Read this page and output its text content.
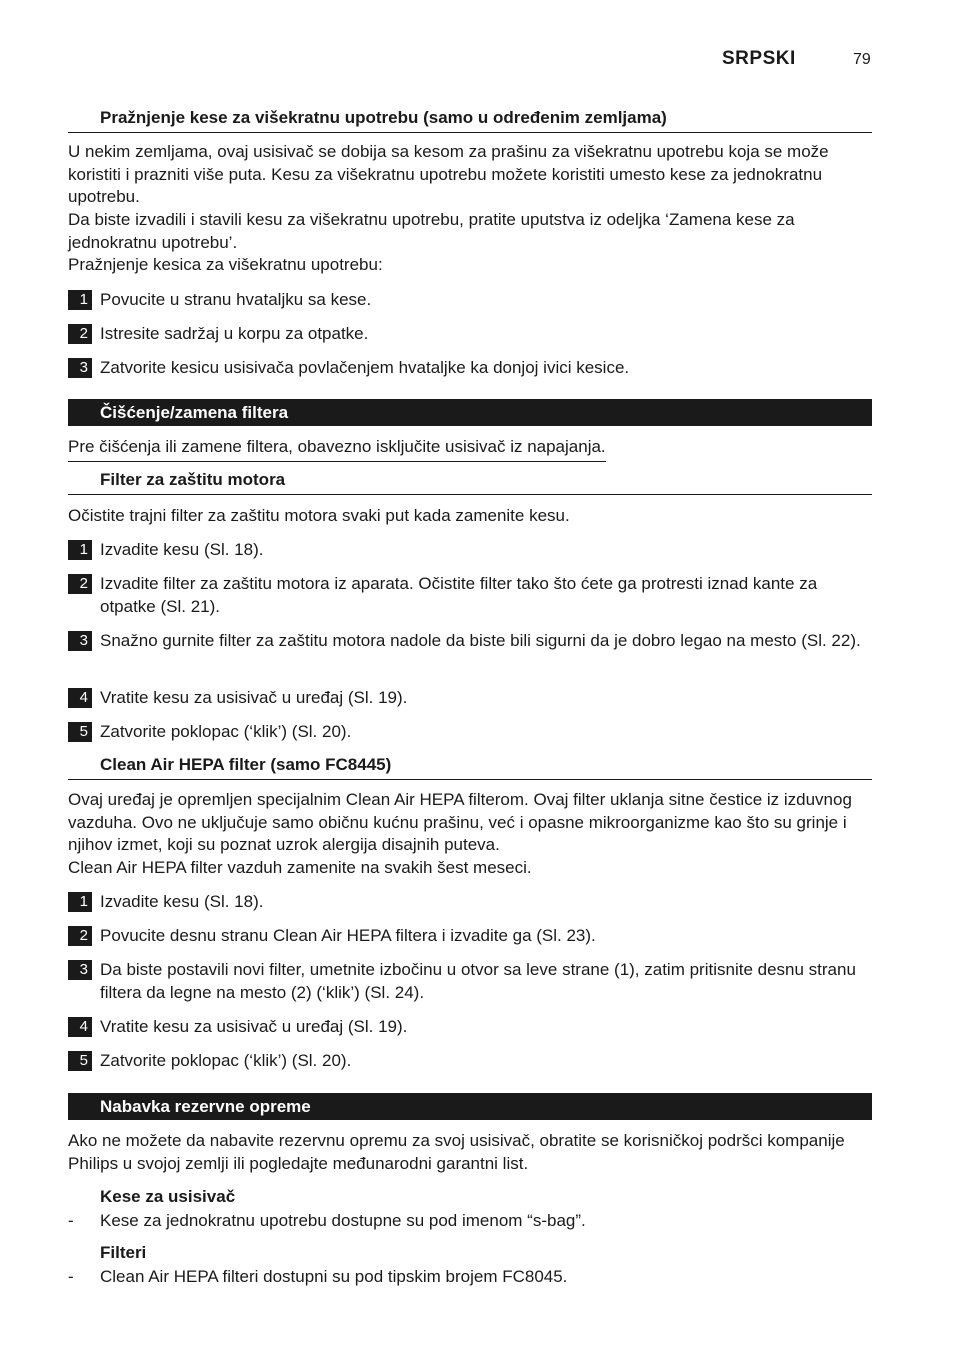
SRPSKI	79
Pražnjenje kese za višekratnu upotrebu (samo u određenim zemljama)

U nekim zemljama, ovaj usisivač se dobija sa kesom za prašinu za višekratnu upotrebu koja se može koristiti i prazniti više puta. Kesu za višekratnu upotrebu možete koristiti umesto kese za jednokratnu upotrebu.

Da biste izvadili i stavili kesu za višekratnu upotrebu, pratite uputstva iz odeljka ‘Zamena kese za jednokratnu upotrebu’.

Pražnjenje kesica za višekratnu upotrebu:

1 Povucite u stranu hvataljku sa kese.
2 Istresite sadržaj u korpu za otpatke.
3 Zatvorite kesicu usisivača povlačenjem hvataljke ka donjoj ivici kesice.
Čišćenje/zamena filtera
Pre čišćenja ili zamene filtera, obavezno isključite usisivač iz napajanja.
Filter za zaštitu motora

Očistite trajni filter za zaštitu motora svaki put kada zamenite kesu.

1 Izvadite kesu (Sl. 18).
2 Izvadite filter za zaštitu motora iz aparata. Očistite filter tako što ćete ga protresti iznad kante za otpatke (Sl. 21).
3 Snažno gurnite filter za zaštitu motora nadole da biste bili sigurni da je dobro legao na mesto (Sl. 22).
4 Vratite kesu za usisivač u uređaj (Sl. 19).
5 Zatvorite poklopac (‘klik’) (Sl. 20).
Clean Air HEPA filter (samo FC8445)

Ovaj uređaj je opremljen specijalnim Clean Air HEPA filterom. Ovaj filter uklanja sitne čestice iz izduvnog vazduha. Ovo ne uključuje samo običnu kućnu prašinu, već i opasne mikroorganizme kao što su grinje i njihov izmet, koji su poznat uzrok alergija disajnih puteva.

Clean Air HEPA filter vazduh zamenite na svakih šest meseci.

1 Izvadite kesu (Sl. 18).
2 Povucite desnu stranu Clean Air HEPA filtera i izvadite ga (Sl. 23).
3 Da biste postavili novi filter, umetnite izbočinu u otvor sa leve strane (1), zatim pritisnite desnu stranu filtera da legne na mesto (2) (‘klik’) (Sl. 24).
4 Vratite kesu za usisivač u uređaj (Sl. 19).
5 Zatvorite poklopac (‘klik’) (Sl. 20).
Nabavka rezervne opreme

Ako ne možete da nabavite rezervnu opremu za svoj usisivač, obratite se korisničkoj podršci kompanije Philips u svojoj zemlji ili pogledajte međunarodni garantni list.

Kese za usisivač
- Kese za jednokratnu upotrebu dostupne su pod imenom “s-bag”.
Filteri
- Clean Air HEPA filteri dostupni su pod tipskim brojem FC8045.
